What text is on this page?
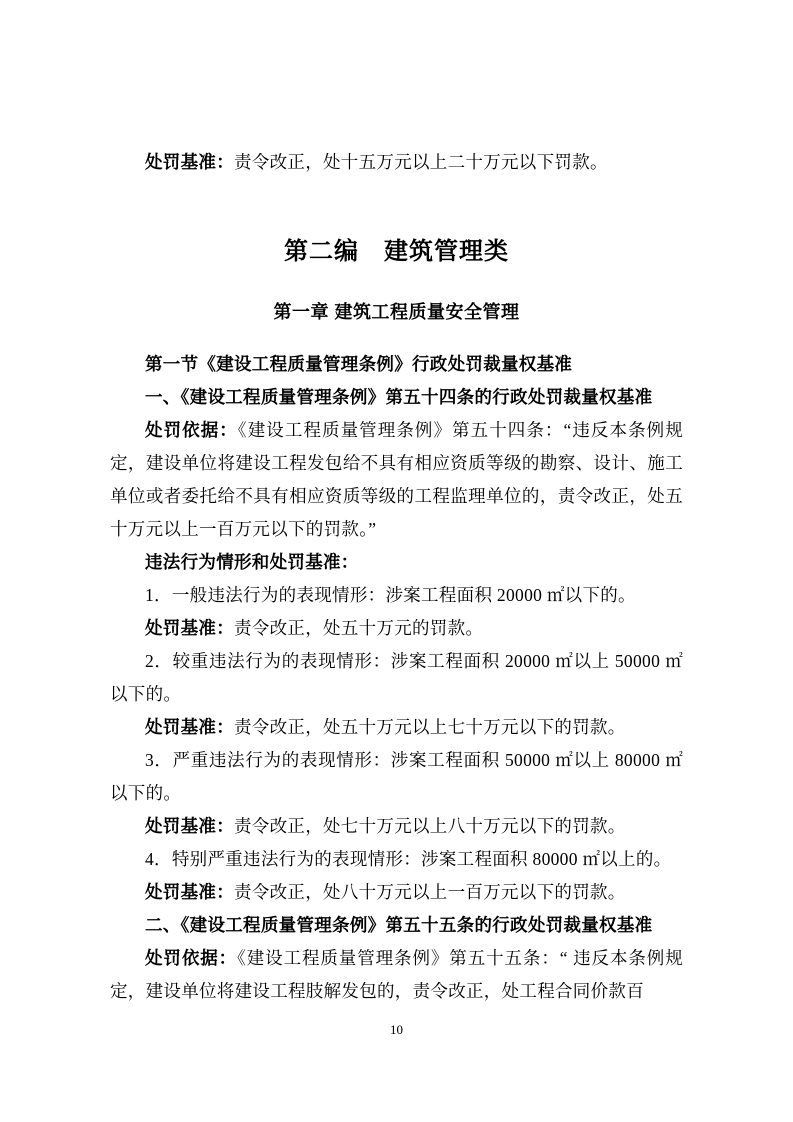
处罚基准：责令改正，处十五万元以上二十万元以下罚款。

第二编　建筑管理类
第一章 建筑工程质量安全管理

第一节《建设工程质量管理条例》行政处罚裁量权基准

一、《建设工程质量管理条例》第五十四条的行政处罚裁量权基准

处罚依据：《建设工程质量管理条例》第五十四条：“违反本条例规定，建设单位将建设工程发包给不具有相应资质等级的勘察、设计、施工单位或者委托给不具有相应资质等级的工程监理单位的，责令改正，处五十万元以上一百万元以下的罚款。”

违法行为情形和处罚基准：

1．一般违法行为的表现情形：涉案工程面积 20000 ㎡以下的。

处罚基准：责令改正，处五十万元的罚款。

2．较重违法行为的表现情形：涉案工程面积 20000 ㎡以上 50000 ㎡以下的。

处罚基准：责令改正，处五十万元以上七十万元以下的罚款。

3．严重违法行为的表现情形：涉案工程面积 50000 ㎡以上 80000 ㎡以下的。

处罚基准：责令改正，处七十万元以上八十万元以下的罚款。

4．特别严重违法行为的表现情形：涉案工程面积 80000 ㎡以上的。

处罚基准：责令改正，处八十万元以上一百万元以下的罚款。

二、《建设工程质量管理条例》第五十五条的行政处罚裁量权基准

处罚依据：《建设工程质量管理条例》第五十五条：“ 违反本条例规定，建设单位将建设工程肢解发包的，责令改正，处工程合同价款百

10
